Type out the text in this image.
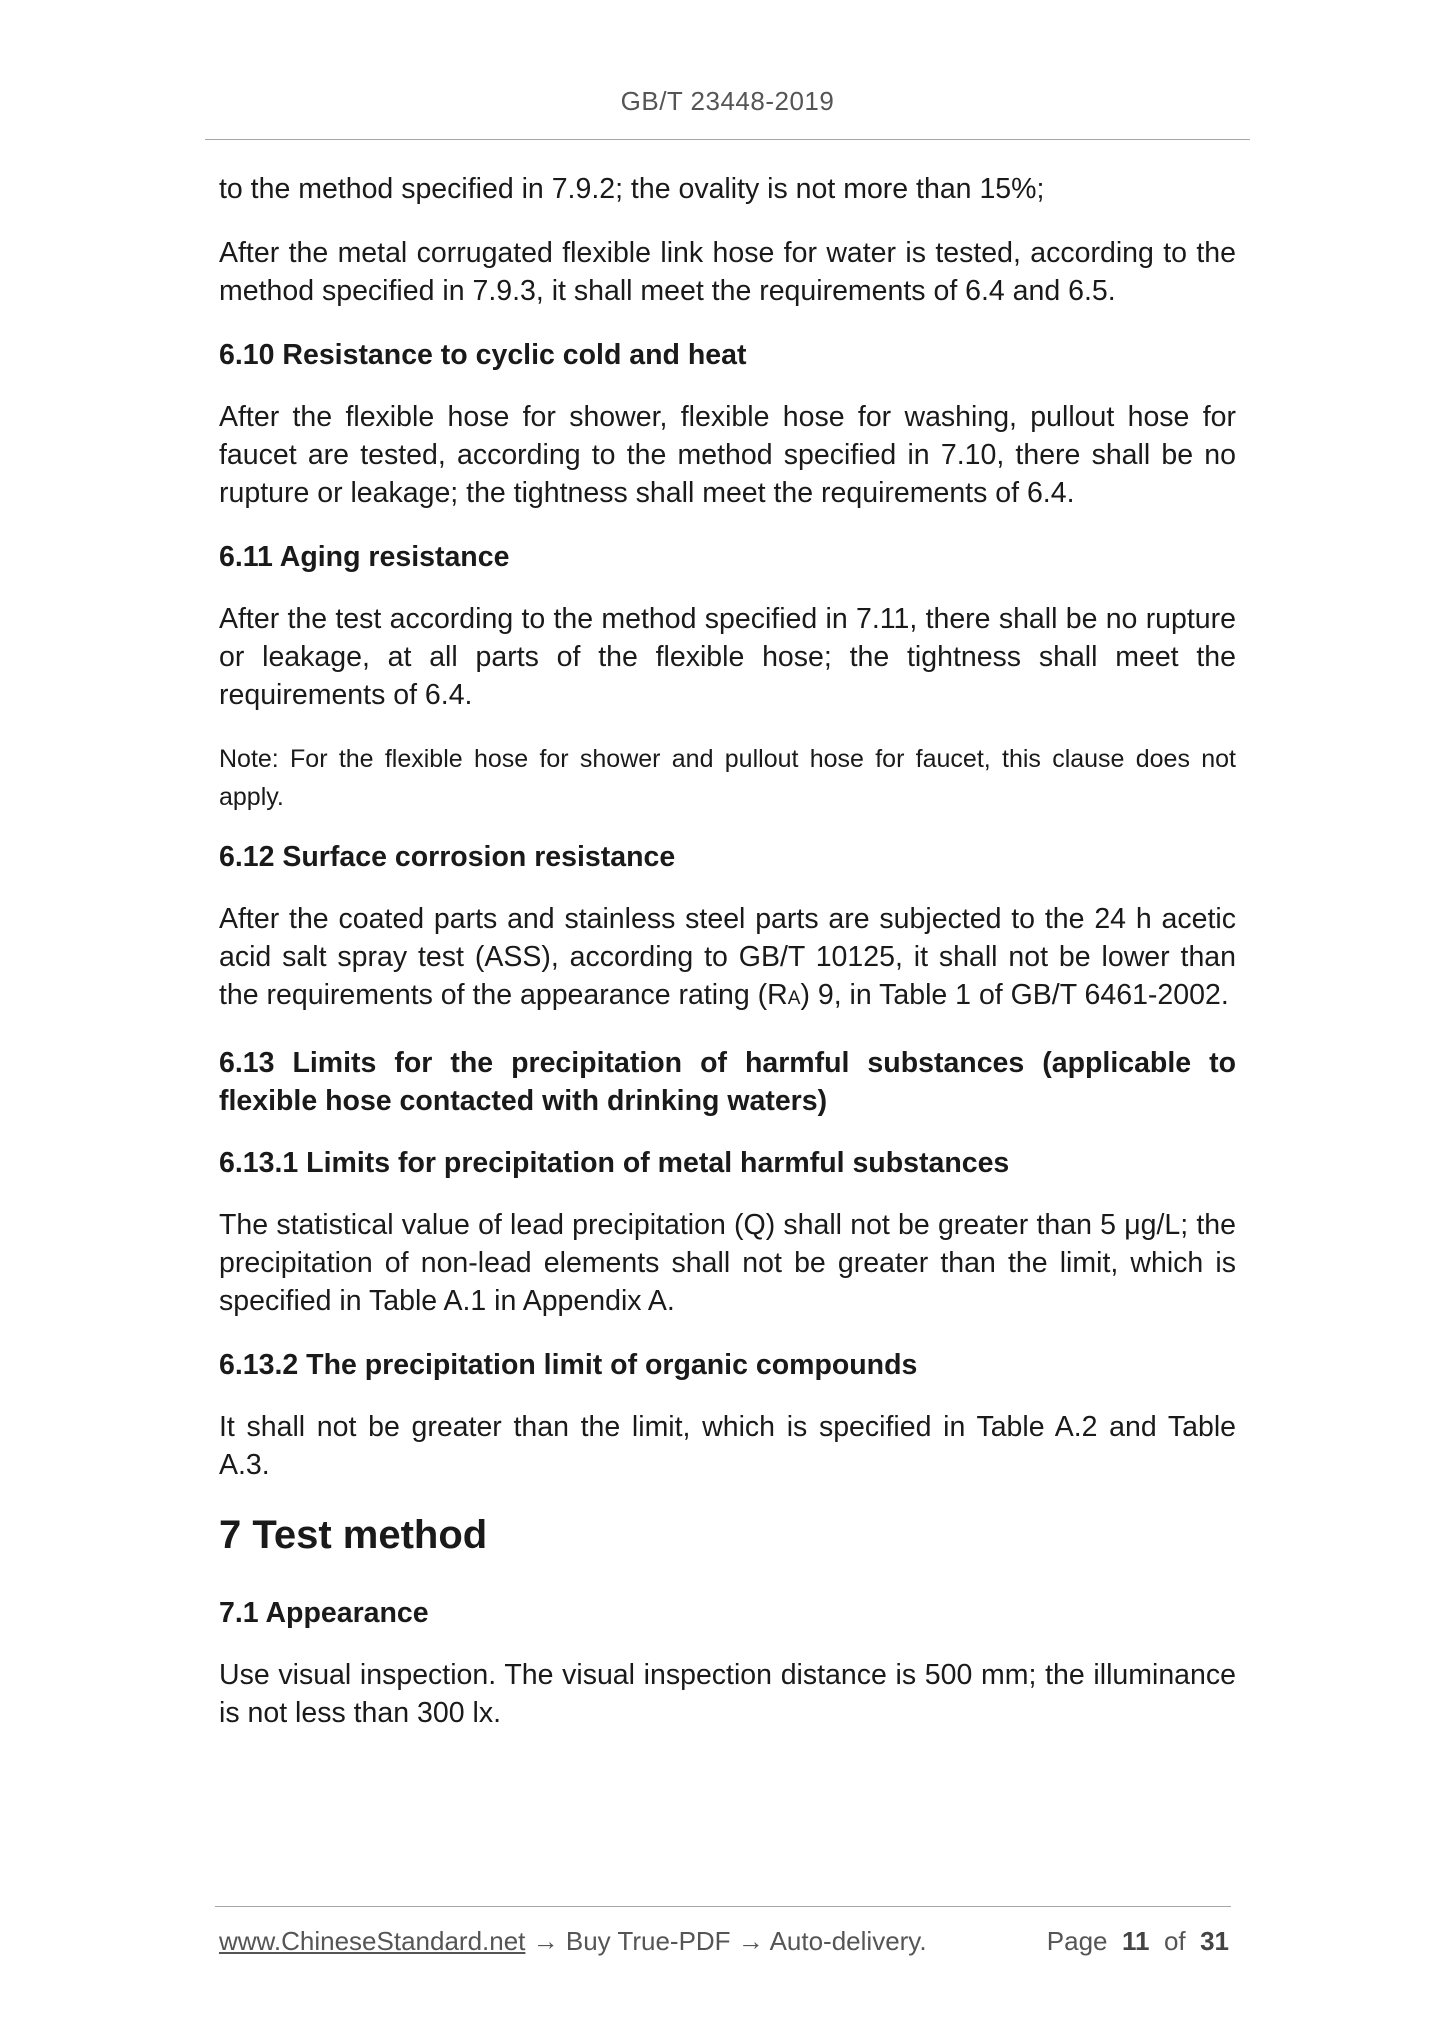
GB/T 23448-2019

to the method specified in 7.9.2; the ovality is not more than 15%;

After the metal corrugated flexible link hose for water is tested, according to the method specified in 7.9.3, it shall meet the requirements of 6.4 and 6.5.

6.10 Resistance to cyclic cold and heat

After the flexible hose for shower, flexible hose for washing, pullout hose for faucet are tested, according to the method specified in 7.10, there shall be no rupture or leakage; the tightness shall meet the requirements of 6.4.

6.11 Aging resistance

After the test according to the method specified in 7.11, there shall be no rupture or leakage, at all parts of the flexible hose; the tightness shall meet the requirements of 6.4.

Note: For the flexible hose for shower and pullout hose for faucet, this clause does not apply.

6.12 Surface corrosion resistance

After the coated parts and stainless steel parts are subjected to the 24 h acetic acid salt spray test (ASS), according to GB/T 10125, it shall not be lower than the requirements of the appearance rating (RA) 9, in Table 1 of GB/T 6461-2002.

6.13 Limits for the precipitation of harmful substances (applicable to flexible hose contacted with drinking waters)
6.13.1 Limits for precipitation of metal harmful substances

The statistical value of lead precipitation (Q) shall not be greater than 5 μg/L; the precipitation of non-lead elements shall not be greater than the limit, which is specified in Table A.1 in Appendix A.

6.13.2 The precipitation limit of organic compounds

It shall not be greater than the limit, which is specified in Table A.2 and Table A.3.

7 Test method
7.1 Appearance

Use visual inspection. The visual inspection distance is 500 mm; the illuminance is not less than 300 lx.

www.ChineseStandard.net → Buy True-PDF → Auto-delivery.	Page 11 of 31
